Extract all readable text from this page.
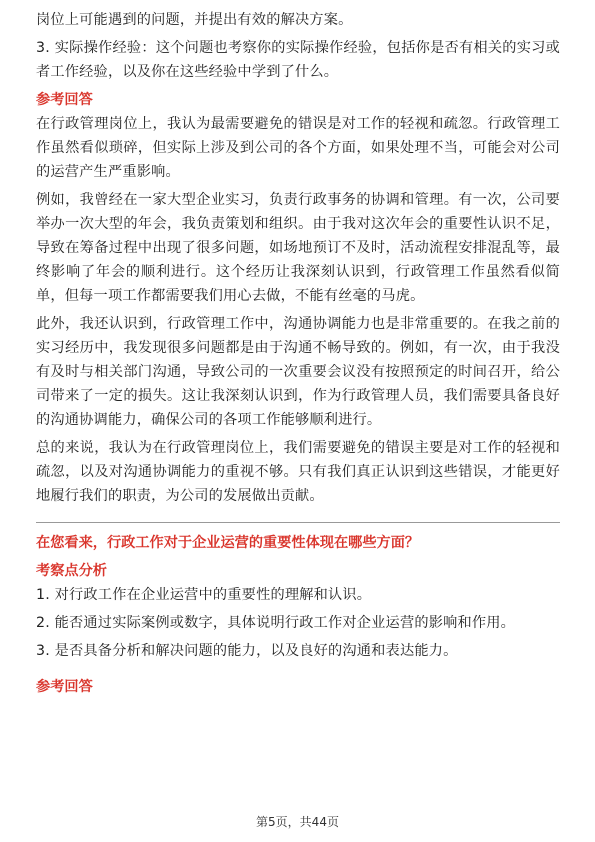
岗位上可能遇到的问题，并提出有效的解决方案。

3. 实际操作经验：这个问题也考察你的实际操作经验，包括你是否有相关的实习或者工作经验，以及你在这些经验中学到了什么。

参考回答

在行政管理岗位上，我认为最需要避免的错误是对工作的轻视和疏忽。行政管理工作虽然看似琐碎，但实际上涉及到公司的各个方面，如果处理不当，可能会对公司的运营产生严重影响。

例如，我曾经在一家大型企业实习，负责行政事务的协调和管理。有一次，公司要举办一次大型的年会，我负责策划和组织。由于我对这次年会的重要性认识不足，导致在筹备过程中出现了很多问题，如场地预订不及时，活动流程安排混乱等，最终影响了年会的顺利进行。这个经历让我深刻认识到，行政管理工作虽然看似简单，但每一项工作都需要我们用心去做，不能有丝毫的马虎。

此外，我还认识到，行政管理工作中，沟通协调能力也是非常重要的。在我之前的实习经历中，我发现很多问题都是由于沟通不畅导致的。例如，有一次，由于我没有及时与相关部门沟通，导致公司的一次重要会议没有按照预定的时间召开，给公司带来了一定的损失。这让我深刻认识到，作为行政管理人员，我们需要具备良好的沟通协调能力，确保公司的各项工作能够顺利进行。

总的来说，我认为在行政管理岗位上，我们需要避免的错误主要是对工作的轻视和疏忽，以及对沟通协调能力的重视不够。只有我们真正认识到这些错误，才能更好地履行我们的职责，为公司的发展做出贡献。

在您看来，行政工作对于企业运营的重要性体现在哪些方面？

考察点分析

1. 对行政工作在企业运营中的重要性的理解和认识。

2. 能否通过实际案例或数字，具体说明行政工作对企业运营的影响和作用。

3. 是否具备分析和解决问题的能力，以及良好的沟通和表达能力。

参考回答

第5页，共44页
